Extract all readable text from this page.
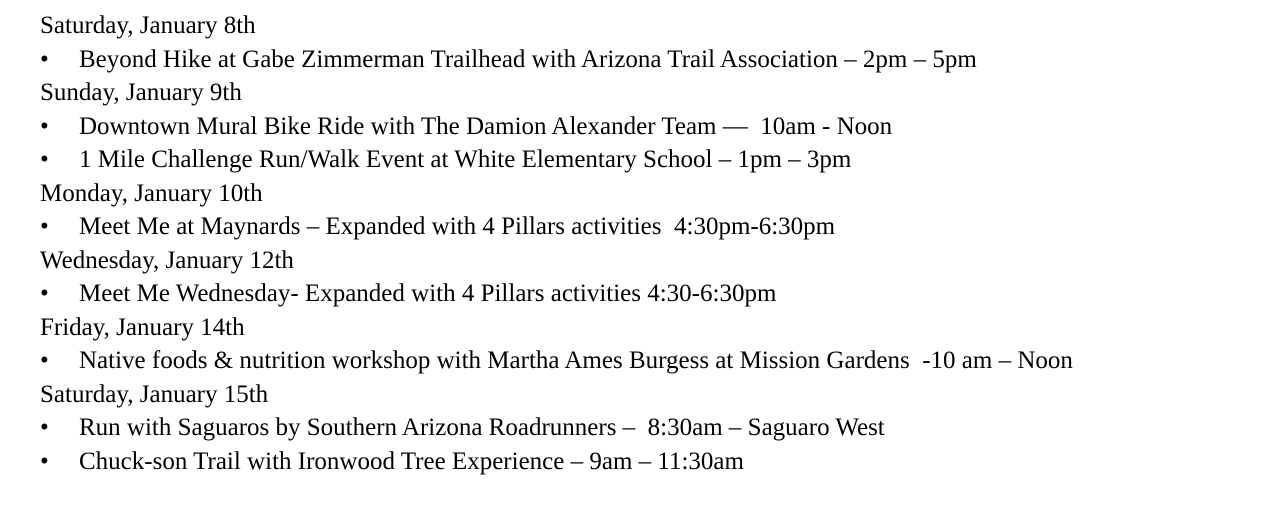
Saturday, January 8th
•	Beyond Hike at Gabe Zimmerman Trailhead with Arizona Trail Association – 2pm – 5pm
Sunday, January 9th
•	Downtown Mural Bike Ride with The Damion Alexander Team —  10am - Noon
•	1 Mile Challenge Run/Walk Event at White Elementary School – 1pm – 3pm
Monday, January 10th
•	Meet Me at Maynards – Expanded with 4 Pillars activities  4:30pm-6:30pm
Wednesday, January 12th
•	Meet Me Wednesday- Expanded with 4 Pillars activities 4:30-6:30pm
Friday, January 14th
•	Native foods & nutrition workshop with Martha Ames Burgess at Mission Gardens  -10 am – Noon
Saturday, January 15th
•	Run with Saguaros by Southern Arizona Roadrunners –  8:30am – Saguaro West
•	Chuck-son Trail with Ironwood Tree Experience – 9am – 11:30am
